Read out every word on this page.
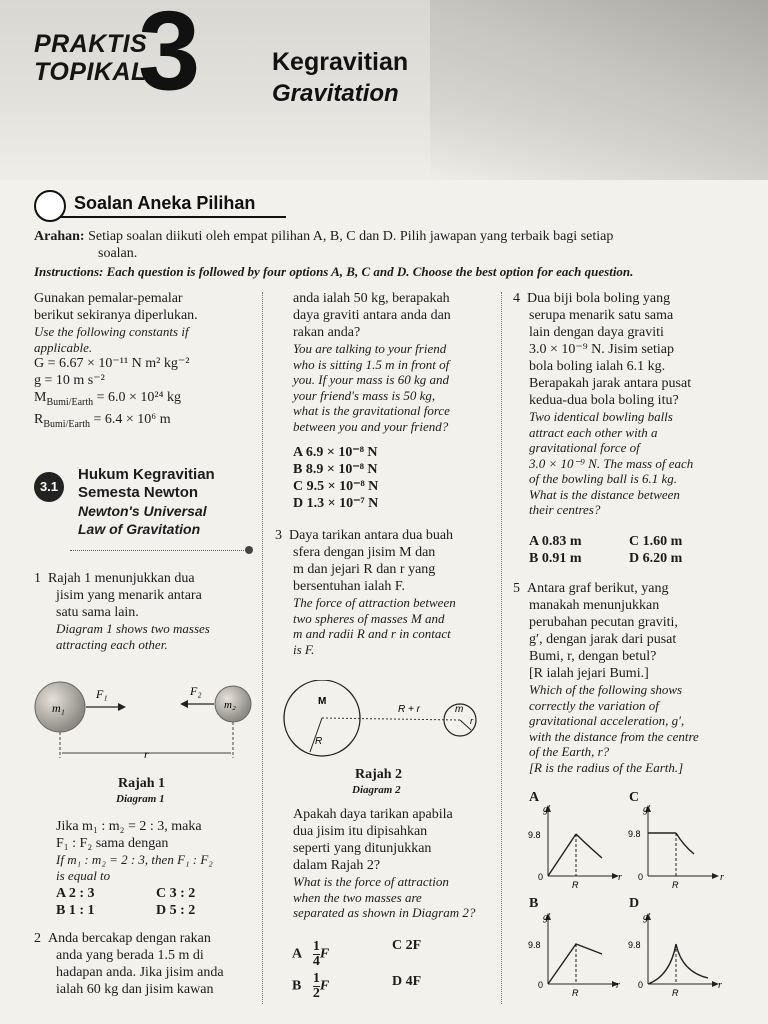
PRAKTIS
TOPIKAL
3	Kegravitian
Gravitation
Soalan Aneka Pilihan
Arahan: Setiap soalan diikuti oleh empat pilihan A, B, C dan D. Pilih jawapan yang terbaik bagi setiap
soalan.
Instructions: Each question is followed by four options A, B, C and D. Choose the best option for each question.
Gunakan pemalar-pemalar
berikut sekiranya diperlukan.
Use the following constants if
applicable.
G = 6.67 × 10⁻¹¹ N m² kg⁻²
g = 10 m s⁻²
$M_{Bumi/Earth} = 6.0 \times 10^{24}$ kg
$R_{Bumi/Earth} = 6.4 \times 10^6$ m
3.1
Hukum Kegravitian
Semesta Newton
Newton's Universal
Law of Gravitation
1 Rajah 1 menunjukkan dua
jisim yang menarik antara
satu sama lain.
Diagram 1 shows two masses
attracting each other.
m₁	m₂
F₁	F₂
r
Rajah 1
Diagram 1
Jika m₁ : m₂ = 2 : 3, maka
F₁ : F₂ sama dengan
If m₁ : m₂ = 2 : 3, then F₁ : F₂
is equal to
A 2 : 3
B 1 : 1
C 3 : 2
D 5 : 2
2 Anda bercakap dengan rakan
anda yang berada 1.5 m di
hadapan anda. Jika jisim anda
ialah 60 kg dan jisim kawan
anda ialah 50 kg, berapakah
daya graviti antara anda dan
rakan anda?
You are talking to your friend
who is sitting 1.5 m in front of
you. If your mass is 60 kg and
your friend's mass is 50 kg,
what is the gravitational force
between you and your friend?
A 6.9 × 10⁻⁸ N
B 8.9 × 10⁻⁸ N
C 9.5 × 10⁻⁸ N
D 1.3 × 10⁻⁷ N
3 Daya tarikan antara dua buah
sfera dengan jisim M dan
m dan jejari R dan r yang
bersentuhan ialah F.
The force of attraction between
two spheres of masses M and
m and radii R and r in contact
is F.
M
R
R + r	m
r
Rajah 2
Diagram 2
Apakah daya tarikan apabila
dua jisim itu dipisahkan
seperti yang ditunjukkan
dalam Rajah 2?
What is the force of attraction
when the two masses are
separated as shown in Diagram 2?
A $\frac{1}{4}$ F
B $\frac{1}{2}$ F
C 2F
D 4F
4 Dua biji bola boling yang
serupa menarik satu sama
lain dengan daya graviti
3.0 × 10⁻⁹ N. Jisim setiap
bola boling ialah 6.1 kg.
Berapakah jarak antara pusat
kedua-dua bola boling itu?
Two identical bowling balls
attract each other with a
gravitational force of
3.0 × 10⁻⁹ N. The mass of each
of the bowling ball is 6.1 kg.
What is the distance between
their centres?
A 0.83 m
B 0.91 m
C 1.60 m
D 6.20 m
5 Antara graf berikut, yang
manakah menunjukkan
perubahan pecutan graviti,
g′, dengan jarak dari pusat
Bumi, r, dengan betul?
[R ialah jejari Bumi.]
Which of the following shows
correctly the variation of
gravitational acceleration, g′,
with the distance from the centre
of the Earth, r?
[R is the radius of the Earth.]
A	C
B	D
g′
9.8
0
R
r
g′
9.8
0
R
r
g′
9.8
0
R
r
g′
9.8
0
R
r
